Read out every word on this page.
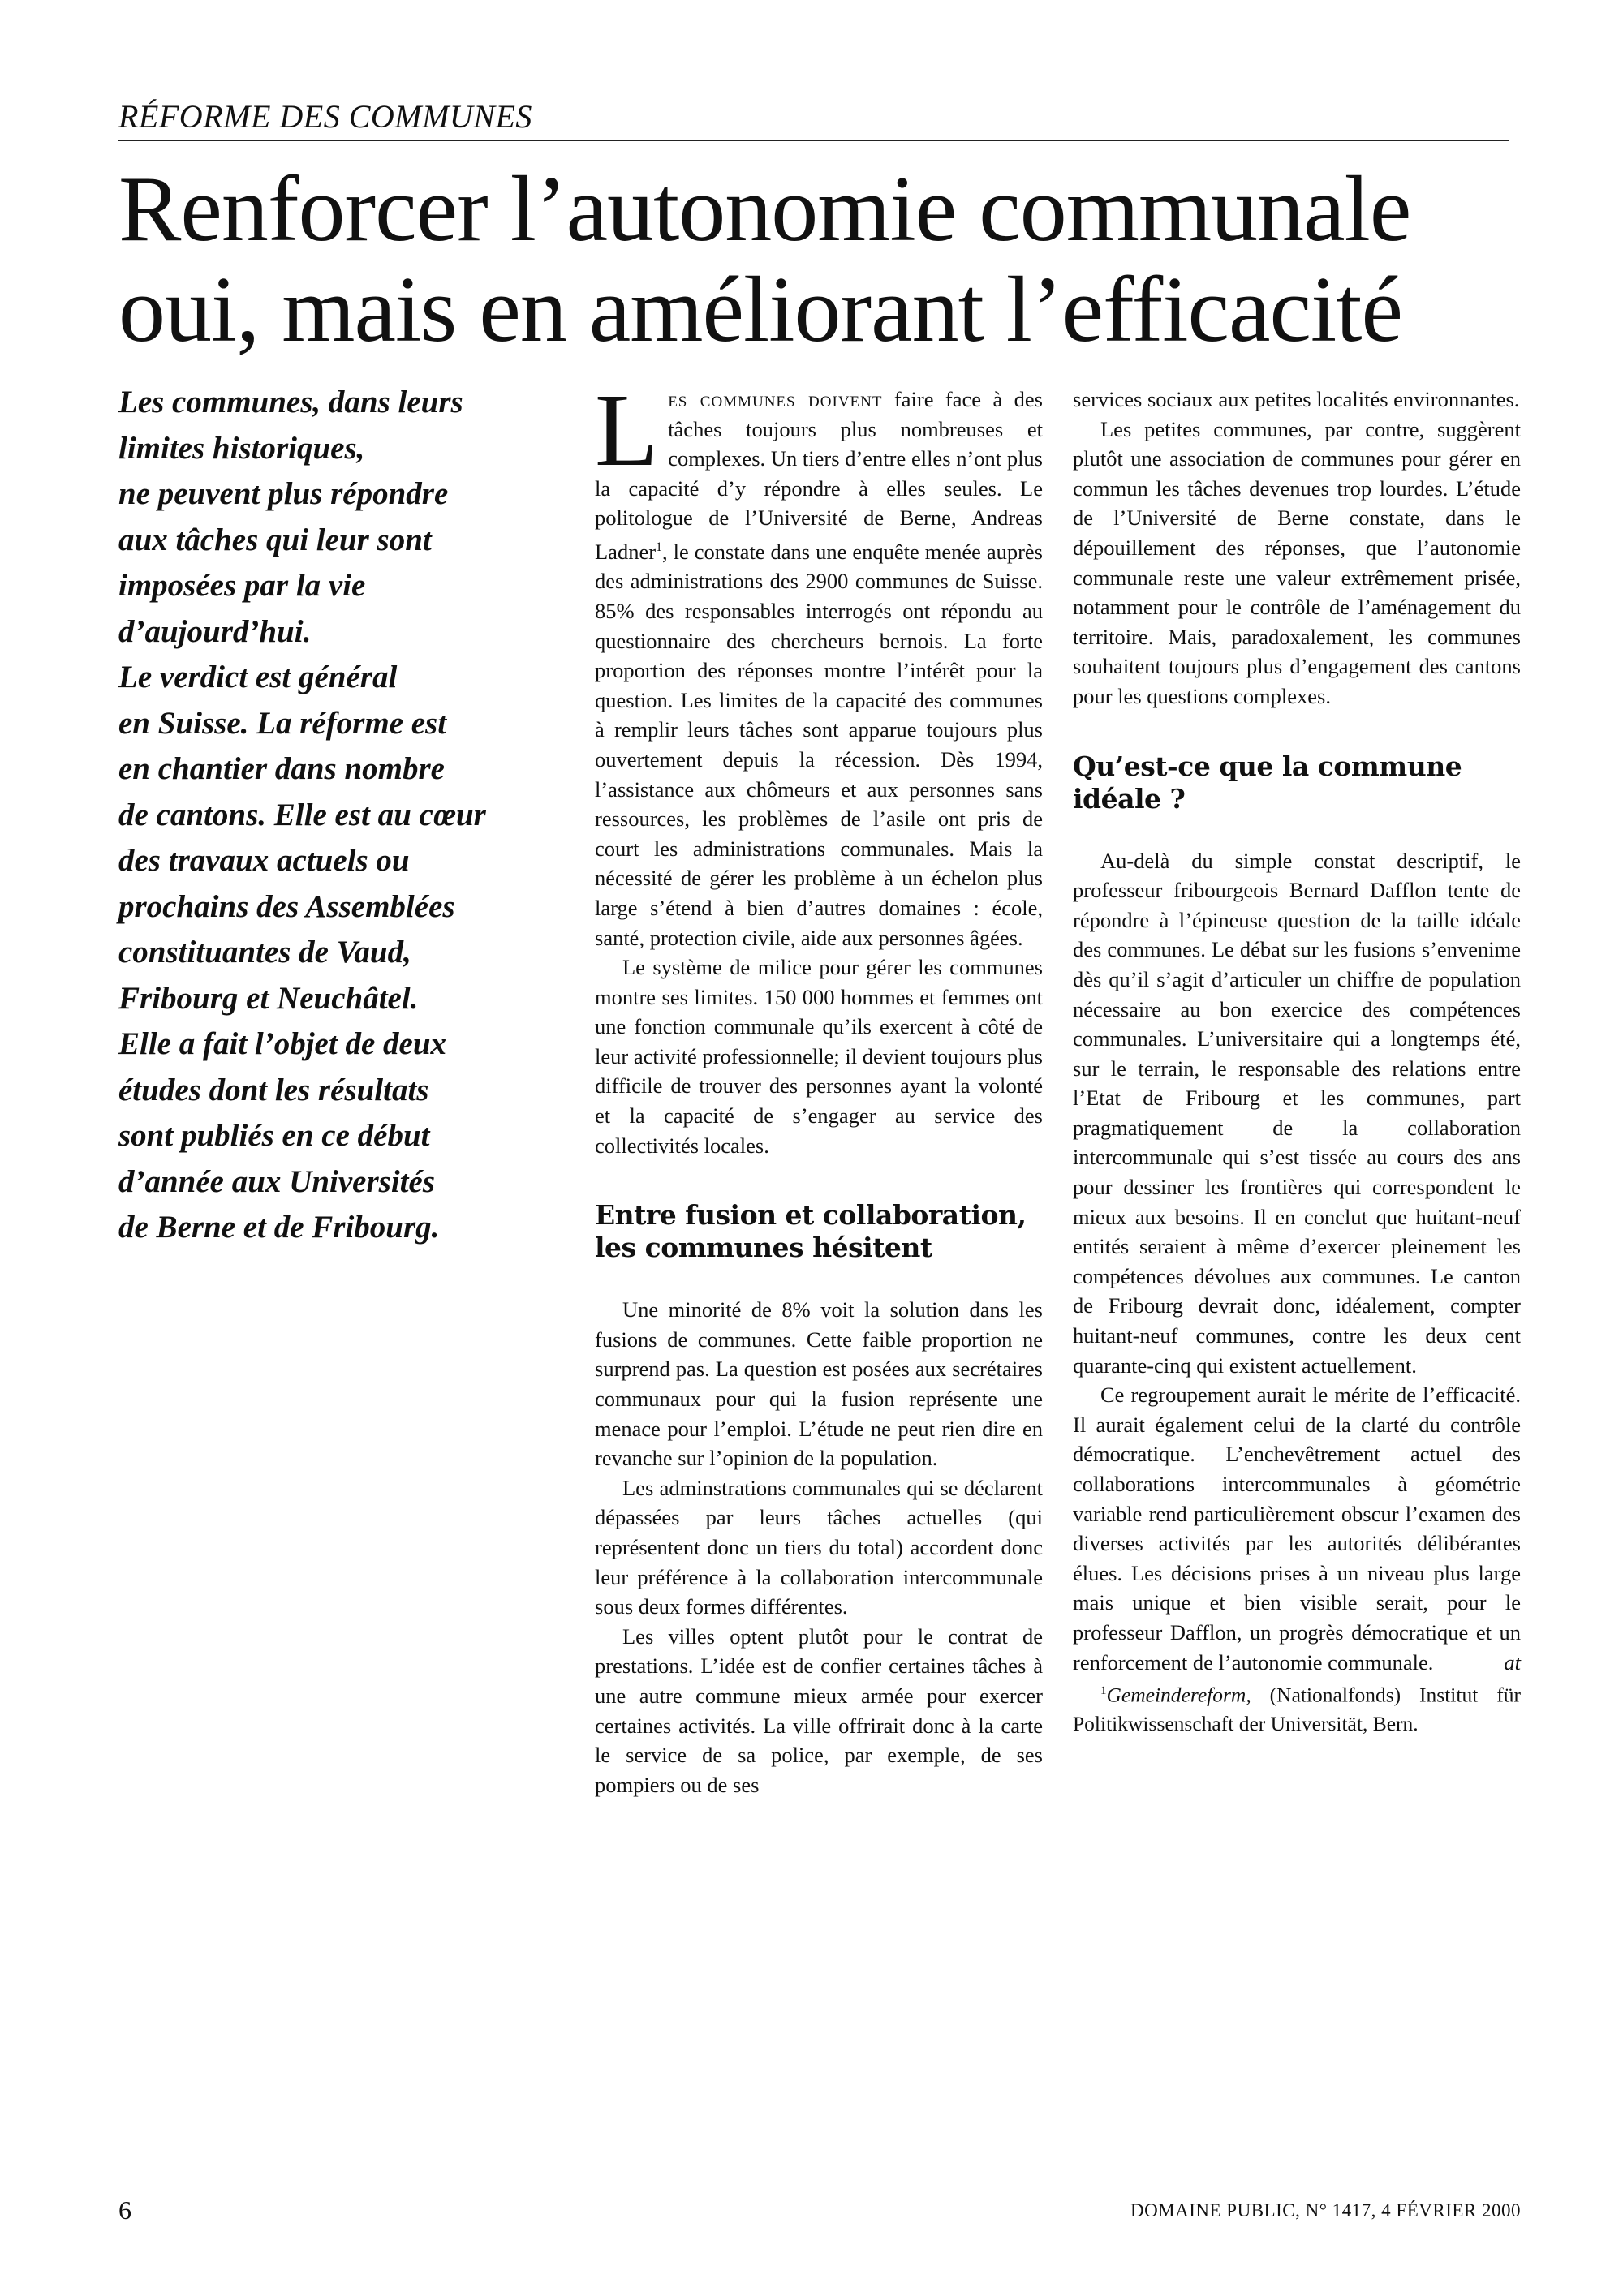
RÉFORME DES COMMUNES
Renforcer l’autonomie communale
oui, mais en améliorant l’efficacité
Les communes, dans leurs
limites historiques,
ne peuvent plus répondre
aux tâches qui leur sont
imposées par la vie
d’aujourd’hui.
Le verdict est général
en Suisse. La réforme est
en chantier dans nombre
de cantons. Elle est au cœur
des travaux actuels ou
prochains des Assemblées
constituantes de Vaud,
Fribourg et Neuchâtel.
Elle a fait l’objet de deux
études dont les résultats
sont publiés en ce début
d’année aux Universités
de Berne et de Fribourg.

Les communes doivent faire face à des tâches toujours plus nombreuses et complexes. Un tiers d’entre elles n’ont plus la capacité d’y répondre à elles seules. Le politologue de l’Université de Berne, Andreas Ladner$^1$, le constate dans une enquête menée auprès des administrations des 2900 communes de Suisse. 85% des responsables interrogés ont répondu au questionnaire des chercheurs bernois. La forte proportion des réponses montre l’intérêt pour la question. Les limites de la capacité des communes à remplir leurs tâches sont apparue toujours plus ouvertement depuis la récession. Dès 1994, l’assistance aux chômeurs et aux personnes sans ressources, les problèmes de l’asile ont pris de court les administrations communales. Mais la nécessité de gérer les problème à un échelon plus large s’étend à bien d’autres domaines : école, santé, protection civile, aide aux personnes âgées.

Le système de milice pour gérer les communes montre ses limites. 150 000 hommes et femmes ont une fonction communale qu’ils exercent à côté de leur activité professionnelle; il devient toujours plus difficile de trouver des personnes ayant la volonté et la capacité de s’engager au service des collectivités locales.

Entre fusion et collaboration, les communes hésitent

Une minorité de 8% voit la solution dans les fusions de communes. Cette faible proportion ne surprend pas. La question est posées aux secrétaires communaux pour qui la fusion représente une menace pour l’emploi. L’étude ne peut rien dire en revanche sur l’opinion de la population.

Les adminstrations communales qui se déclarent dépassées par leurs tâches actuelles (qui représentent donc un tiers du total) accordent donc leur préférence à la collaboration intercommunale sous deux formes différentes.

Les villes optent plutôt pour le contrat de prestations. L’idée est de confier certaines tâches à une autre commune mieux armée pour exercer certaines activités. La ville offrirait donc à la carte le service de sa police, par exemple, de ses pompiers ou de ses

services sociaux aux petites localités environnantes.

Les petites communes, par contre, suggèrent plutôt une association de communes pour gérer en commun les tâches devenues trop lourdes. L’étude de l’Université de Berne constate, dans le dépouillement des réponses, que l’autonomie communale reste une valeur extrêmement prisée, notamment pour le contrôle de l’aménagement du territoire. Mais, paradoxalement, les communes souhaitent toujours plus d’engagement des cantons pour les questions complexes.

Qu’est-ce que la commune idéale ?

Au-delà du simple constat descriptif, le professeur fribourgeois Bernard Dafflon tente de répondre à l’épineuse question de la taille idéale des communes. Le débat sur les fusions s’envenime dès qu’il s’agit d’articuler un chiffre de population nécessaire au bon exercice des compétences communales. L’universitaire qui a longtemps été, sur le terrain, le responsable des relations entre l’Etat de Fribourg et les communes, part pragmatiquement de la collaboration intercommunale qui s’est tissée au cours des ans pour dessiner les frontières qui correspondent le mieux aux besoins. Il en conclut que huitant-neuf entités seraient à même d’exercer pleinement les compétences dévolues aux communes. Le canton de Fribourg devrait donc, idéalement, compter huitant-neuf communes, contre les deux cent quarante-cinq qui existent actuellement.

Ce regroupement aurait le mérite de l’efficacité. Il aurait également celui de la clarté du contrôle démocratique. L’enchevêtrement actuel des collaborations intercommunales à géométrie variable rend particulièrement obscur l’examen des diverses activités par les autorités délibérantes élues. Les décisions prises à un niveau plus large mais unique et bien visible serait, pour le professeur Dafflon, un progrès démocratique et un renforcement de l’autonomie communale.	at

$^1$Gemeindereform, (Nationalfonds) Institut für Politikwissenschaft der Universität, Bern.

6	DOMAINE PUBLIC, N° 1417, 4 FÉVRIER 2000
